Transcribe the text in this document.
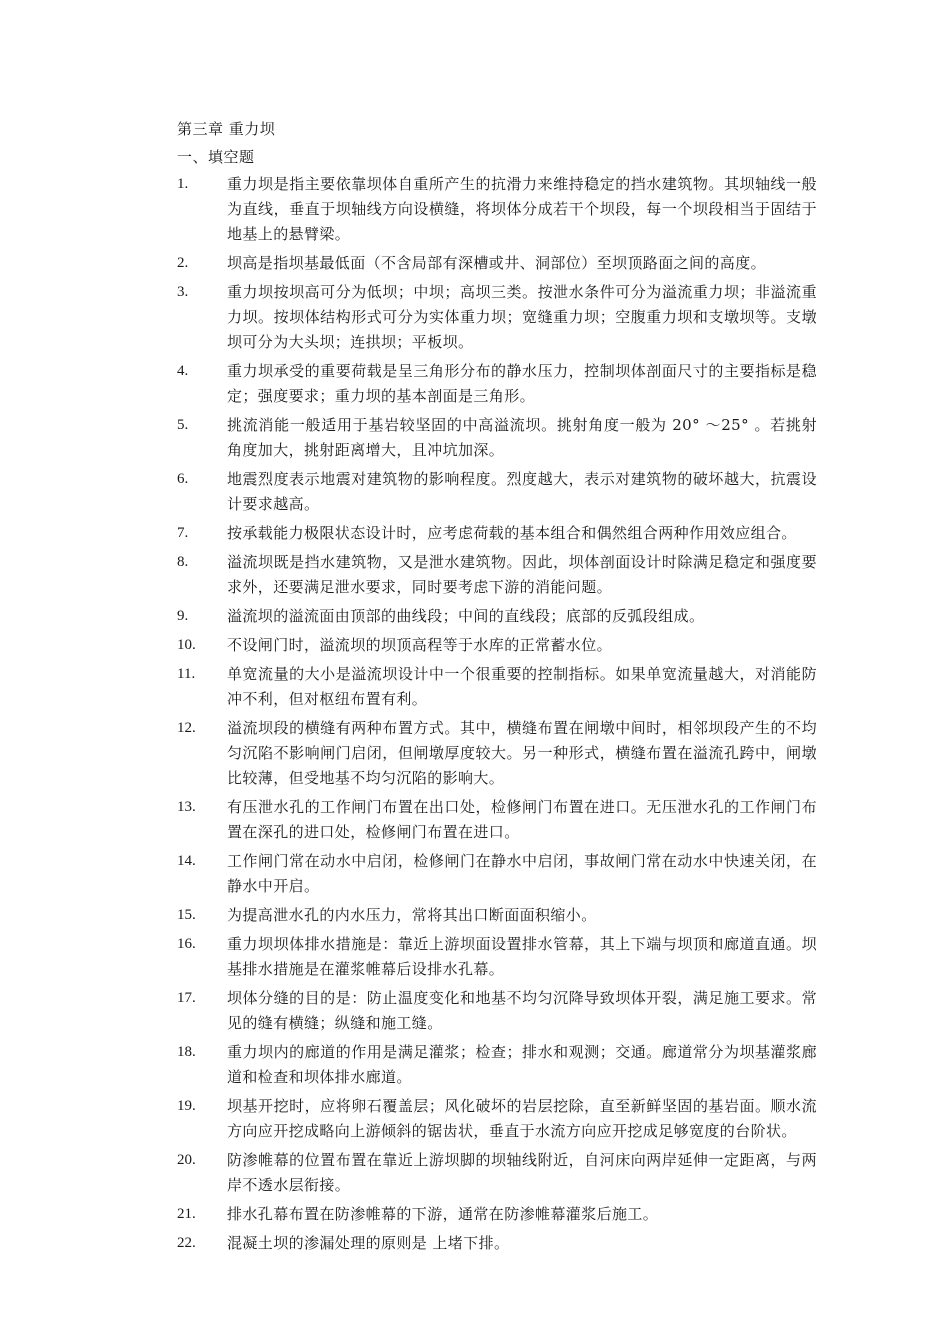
第三章 重力坝
一、填空题
1.	重力坝是指主要依靠坝体自重所产生的抗滑力来维持稳定的挡水建筑物。其坝轴线一般为直线，垂直于坝轴线方向设横缝，将坝体分成若干个坝段，每一个坝段相当于固结于地基上的悬臂梁。
2.	坝高是指坝基最低面（不含局部有深槽或井、洞部位）至坝顶路面之间的高度。
3.	重力坝按坝高可分为低坝；中坝；高坝三类。按泄水条件可分为溢流重力坝；非溢流重力坝。按坝体结构形式可分为实体重力坝；宽缝重力坝；空腹重力坝和支墩坝等。支墩坝可分为大头坝；连拱坝；平板坝。
4.	重力坝承受的重要荷载是呈三角形分布的静水压力，控制坝体剖面尺寸的主要指标是稳定；强度要求；重力坝的基本剖面是三角形。
5.	挑流消能一般适用于基岩较坚固的中高溢流坝。挑射角度一般为 20° ～25° 。若挑射角度加大，挑射距离增大，且冲坑加深。
6.	地震烈度表示地震对建筑物的影响程度。烈度越大，表示对建筑物的破坏越大，抗震设计要求越高。
7.	按承载能力极限状态设计时，应考虑荷载的基本组合和偶然组合两种作用效应组合。
8.	溢流坝既是挡水建筑物，又是泄水建筑物。因此，坝体剖面设计时除满足稳定和强度要求外，还要满足泄水要求，同时要考虑下游的消能问题。
9.	溢流坝的溢流面由顶部的曲线段；中间的直线段；底部的反弧段组成。
10.	不设闸门时，溢流坝的坝顶高程等于水库的正常蓄水位。
11.	单宽流量的大小是溢流坝设计中一个很重要的控制指标。如果单宽流量越大，对消能防冲不利，但对枢纽布置有利。
12.	溢流坝段的横缝有两种布置方式。其中，横缝布置在闸墩中间时，相邻坝段产生的不均匀沉陷不影响闸门启闭，但闸墩厚度较大。另一种形式，横缝布置在溢流孔跨中，闸墩比较薄，但受地基不均匀沉陷的影响大。
13.	有压泄水孔的工作闸门布置在出口处，检修闸门布置在进口。无压泄水孔的工作闸门布置在深孔的进口处，检修闸门布置在进口。
14.	工作闸门常在动水中启闭，检修闸门在静水中启闭，事故闸门常在动水中快速关闭，在静水中开启。
15.	为提高泄水孔的内水压力，常将其出口断面面积缩小。
16.	重力坝坝体排水措施是：靠近上游坝面设置排水管幕，其上下端与坝顶和廊道直通。坝基排水措施是在灌浆帷幕后设排水孔幕。
17.	坝体分缝的目的是：防止温度变化和地基不均匀沉降导致坝体开裂，满足施工要求。常见的缝有横缝；纵缝和施工缝。
18.	重力坝内的廊道的作用是满足灌浆；检查；排水和观测；交通。廊道常分为坝基灌浆廊道和检查和坝体排水廊道。
19.	坝基开挖时，应将卵石覆盖层；风化破坏的岩层挖除，直至新鲜坚固的基岩面。顺水流方向应开挖成略向上游倾斜的锯齿状，垂直于水流方向应开挖成足够宽度的台阶状。
20.	防渗帷幕的位置布置在靠近上游坝脚的坝轴线附近，自河床向两岸延伸一定距离，与两岸不透水层衔接。
21.	排水孔幕布置在防渗帷幕的下游，通常在防渗帷幕灌浆后施工。
22.	混凝土坝的渗漏处理的原则是 上堵下排。
